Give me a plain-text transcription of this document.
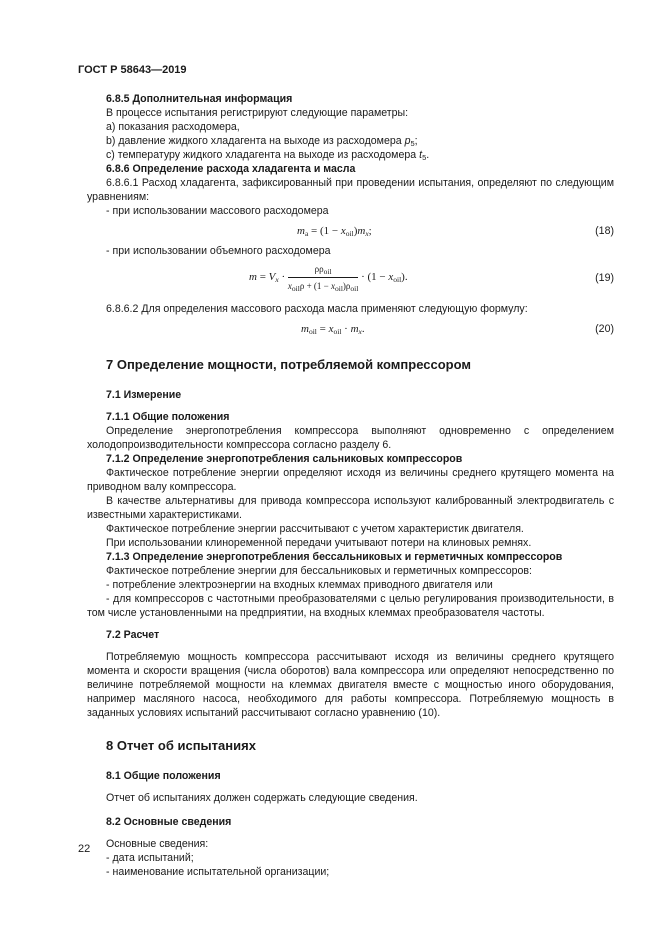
ГОСТ Р 58643—2019
6.8.5 Дополнительная информация
В процессе испытания регистрируют следующие параметры:
a) показания расходомера,
b) давление жидкого хладагента на выходе из расходомера $p_5$;
c) температуру жидкого хладагента на выходе из расходомера $t_5$.
6.8.6 Определение расхода хладагента и масла
6.8.6.1 Расход хладагента, зафиксированный при проведении испытания, определяют по следующим уравнениям:
- при использовании массового расходомера
$m_a = (1 - x_{oil})m_x$;	(18)
- при использовании объемного расходомера
$m = V_x \cdot \frac{\rho\rho_{oil}}{x_{oil}\rho + (1 - x_{oil})\rho_{oil}} \cdot (1 - x_{oil})$.	(19)
6.8.6.2 Для определения массового расхода масла применяют следующую формулу:
$m_{oil} = x_{oil} \cdot m_x$.	(20)
7 Определение мощности, потребляемой компрессором
7.1 Измерение
7.1.1 Общие положения
Определение энергопотребления компрессора выполняют одновременно с определением холодопроизводительности компрессора согласно разделу 6.
7.1.2 Определение энергопотребления сальниковых компрессоров
Фактическое потребление энергии определяют исходя из величины среднего крутящего момента на приводном валу компрессора.
В качестве альтернативы для привода компрессора используют калиброванный электродвигатель с известными характеристиками.
Фактическое потребление энергии рассчитывают с учетом характеристик двигателя.
При использовании клиноременной передачи учитывают потери на клиновых ремнях.
7.1.3 Определение энергопотребления бессальниковых и герметичных компрессоров
Фактическое потребление энергии для бессальниковых и герметичных компрессоров:
- потребление электроэнергии на входных клеммах приводного двигателя или
- для компрессоров с частотными преобразователями с целью регулирования производительности, в том числе установленными на предприятии, на входных клеммах преобразователя частоты.
7.2 Расчет
Потребляемую мощность компрессора рассчитывают исходя из величины среднего крутящего момента и скорости вращения (числа оборотов) вала компрессора или определяют непосредственно по величине потребляемой мощности на клеммах двигателя вместе с мощностью иного оборудования, например масляного насоса, необходимого для работы компрессора. Потребляемую мощность в заданных условиях испытаний рассчитывают согласно уравнению (10).
8 Отчет об испытаниях
8.1 Общие положения
Отчет об испытаниях должен содержать следующие сведения.
8.2 Основные сведения
Основные сведения:
- дата испытаний;
- наименование испытательной организации;
22
